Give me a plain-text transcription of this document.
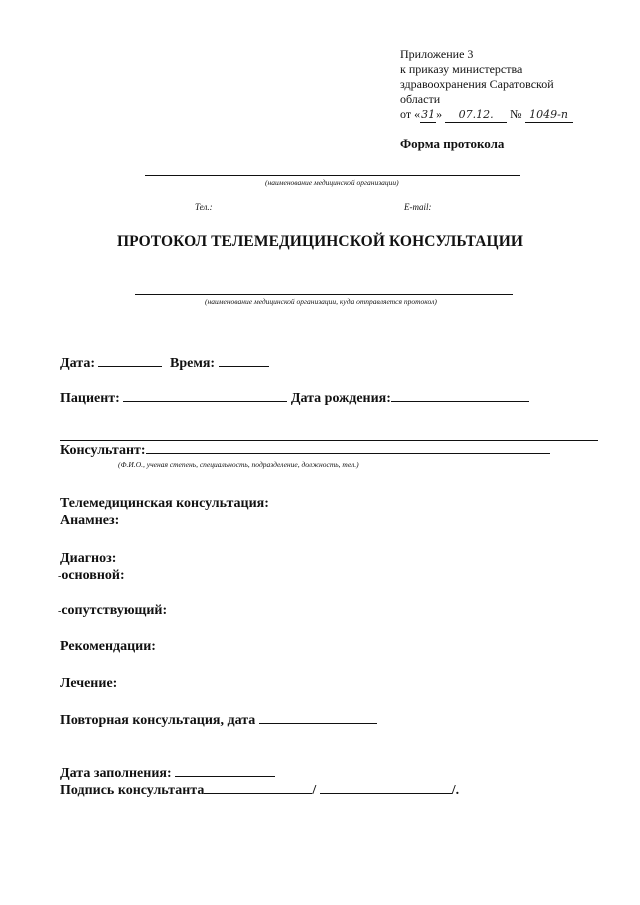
Приложение 3
к приказу министерства
здравоохранения Саратовской
области
от «31» 07.12. № 1049-п
Форма протокола
(наименование медицинской организации)
Тел.:	E-mail:
ПРОТОКОЛ ТЕЛЕМЕДИЦИНСКОЙ КОНСУЛЬТАЦИИ
(наименование медицинской организации, куда отправляется протокол)
Дата:	Время:
Пациент:	Дата рождения:
Консультант:
(Ф.И.О., ученая степень, специальность, подразделение, должность, тел.)
Телемедицинская консультация:
Анамнез:
Диагноз:
-основной:
-сопутствующий:
Рекомендации:
Лечение:
Повторная консультация, дата
Дата заполнения:
Подпись консультанта	/	/.
